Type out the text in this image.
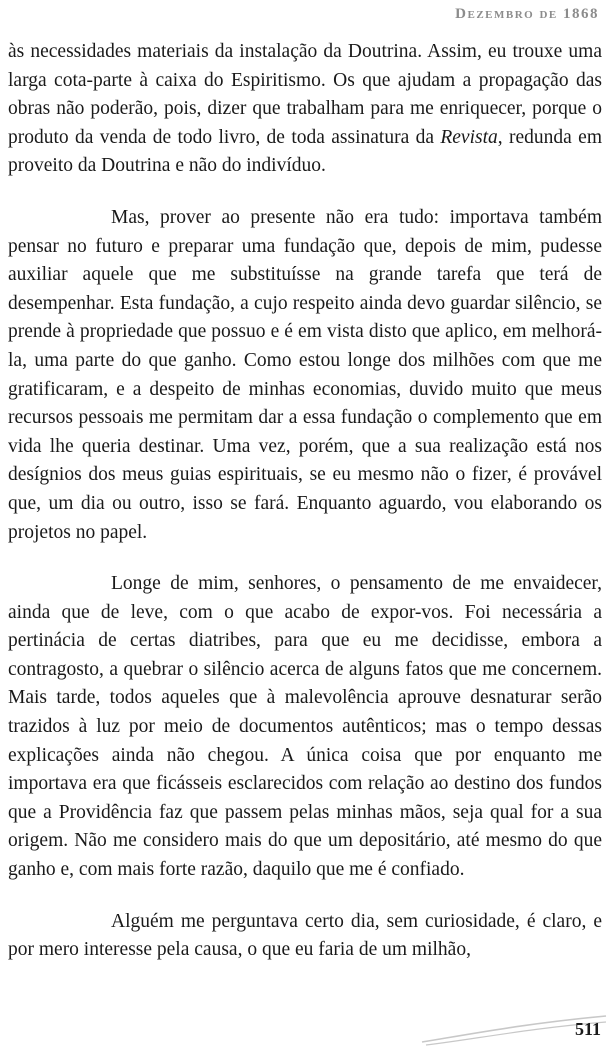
Dezembro de 1868

às necessidades materiais da instalação da Doutrina. Assim, eu trouxe uma larga cota-parte à caixa do Espiritismo. Os que ajudam a propagação das obras não poderão, pois, dizer que trabalham para me enriquecer, porque o produto da venda de todo livro, de toda assinatura da Revista, redunda em proveito da Doutrina e não do indivíduo.

Mas, prover ao presente não era tudo: importava também pensar no futuro e preparar uma fundação que, depois de mim, pudesse auxiliar aquele que me substituísse na grande tarefa que terá de desempenhar. Esta fundação, a cujo respeito ainda devo guardar silêncio, se prende à propriedade que possuo e é em vista disto que aplico, em melhorá-la, uma parte do que ganho. Como estou longe dos milhões com que me gratificaram, e a despeito de minhas economias, duvido muito que meus recursos pessoais me permitam dar a essa fundação o complemento que em vida lhe queria destinar. Uma vez, porém, que a sua realização está nos desígnios dos meus guias espirituais, se eu mesmo não o fizer, é provável que, um dia ou outro, isso se fará. Enquanto aguardo, vou elaborando os projetos no papel.

Longe de mim, senhores, o pensamento de me envaidecer, ainda que de leve, com o que acabo de expor-vos. Foi necessária a pertinácia de certas diatribes, para que eu me decidisse, embora a contragosto, a quebrar o silêncio acerca de alguns fatos que me concernem. Mais tarde, todos aqueles que à malevolência aprouve desnaturar serão trazidos à luz por meio de documentos autênticos; mas o tempo dessas explicações ainda não chegou. A única coisa que por enquanto me importava era que ficásseis esclarecidos com relação ao destino dos fundos que a Providência faz que passem pelas minhas mãos, seja qual for a sua origem. Não me considero mais do que um depositário, até mesmo do que ganho e, com mais forte razão, daquilo que me é confiado.

Alguém me perguntava certo dia, sem curiosidade, é claro, e por mero interesse pela causa, o que eu faria de um milhão,

511
